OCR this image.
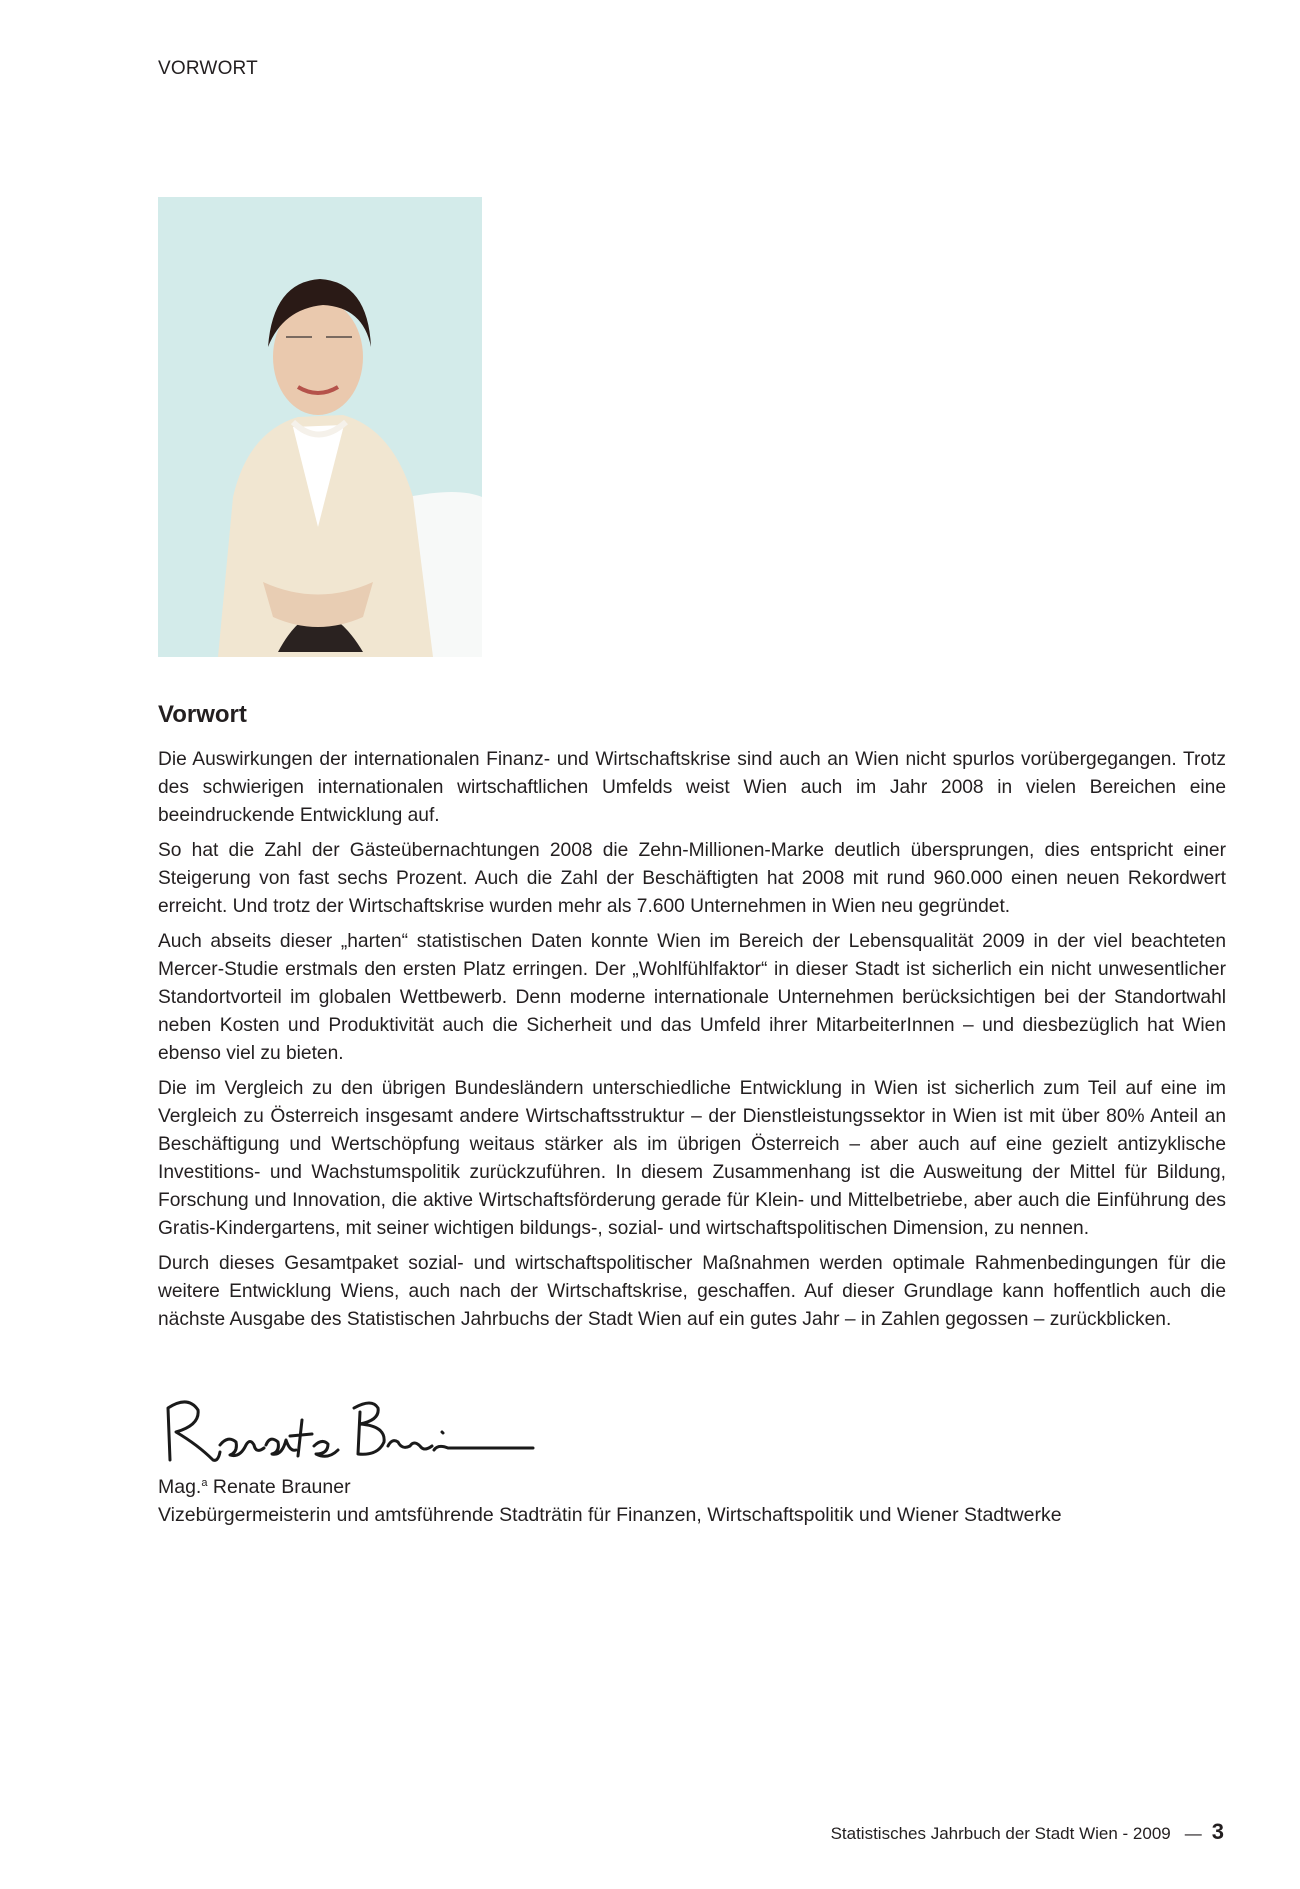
VORWORT
Vorwort

Die Auswirkungen der internationalen Finanz- und Wirtschaftskrise sind auch an Wien nicht spurlos vorübergegangen. Trotz des schwierigen internationalen wirtschaftlichen Umfelds weist Wien auch im Jahr 2008 in vielen Bereichen eine beeindruckende Entwicklung auf.

So hat die Zahl der Gästeübernachtungen 2008 die Zehn-Millionen-Marke deutlich übersprungen, dies entspricht einer Steigerung von fast sechs Prozent. Auch die Zahl der Beschäftigten hat 2008 mit rund 960.000 einen neuen Rekordwert erreicht. Und trotz der Wirtschaftskrise wurden mehr als 7.600 Unternehmen in Wien neu gegründet.

Auch abseits dieser „harten“ statistischen Daten konnte Wien im Bereich der Lebensqualität 2009 in der viel beachteten Mercer-Studie erstmals den ersten Platz erringen. Der „Wohlfühlfaktor“ in dieser Stadt ist sicherlich ein nicht unwesentlicher Standortvorteil im globalen Wettbewerb. Denn moderne internationale Unternehmen berücksichtigen bei der Standortwahl neben Kosten und Produktivität auch die Sicherheit und das Umfeld ihrer MitarbeiterInnen – und diesbezüglich hat Wien ebenso viel zu bieten.

Die im Vergleich zu den übrigen Bundesländern unterschiedliche Entwicklung in Wien ist sicherlich zum Teil auf eine im Vergleich zu Österreich insgesamt andere Wirtschaftsstruktur – der Dienstleistungssektor in Wien ist mit über 80% Anteil an Beschäftigung und Wertschöpfung weitaus stärker als im übrigen Österreich – aber auch auf eine gezielt antizyklische Investitions- und Wachstumspolitik zurückzuführen. In diesem Zusammenhang ist die Ausweitung der Mittel für Bildung, Forschung und Innovation, die aktive Wirtschaftsförderung gerade für Klein- und Mittelbetriebe, aber auch die Einführung des Gratis-Kindergartens, mit seiner wichtigen bildungs-, sozial- und wirtschaftspolitischen Dimension, zu nennen.

Durch dieses Gesamtpaket sozial- und wirtschaftspolitischer Maßnahmen werden optimale Rahmenbedingungen für die weitere Entwicklung Wiens, auch nach der Wirtschaftskrise, geschaffen. Auf dieser Grundlage kann hoffentlich auch die nächste Ausgabe des Statistischen Jahrbuchs der Stadt Wien auf ein gutes Jahr – in Zahlen gegossen – zurückblicken.

Mag.$^a$ Renate Brauner
Vizebürgermeisterin und amtsführende Stadträtin für Finanzen, Wirtschaftspolitik und Wiener Stadtwerke
Statistisches Jahrbuch der Stadt Wien - 2009 — 3
